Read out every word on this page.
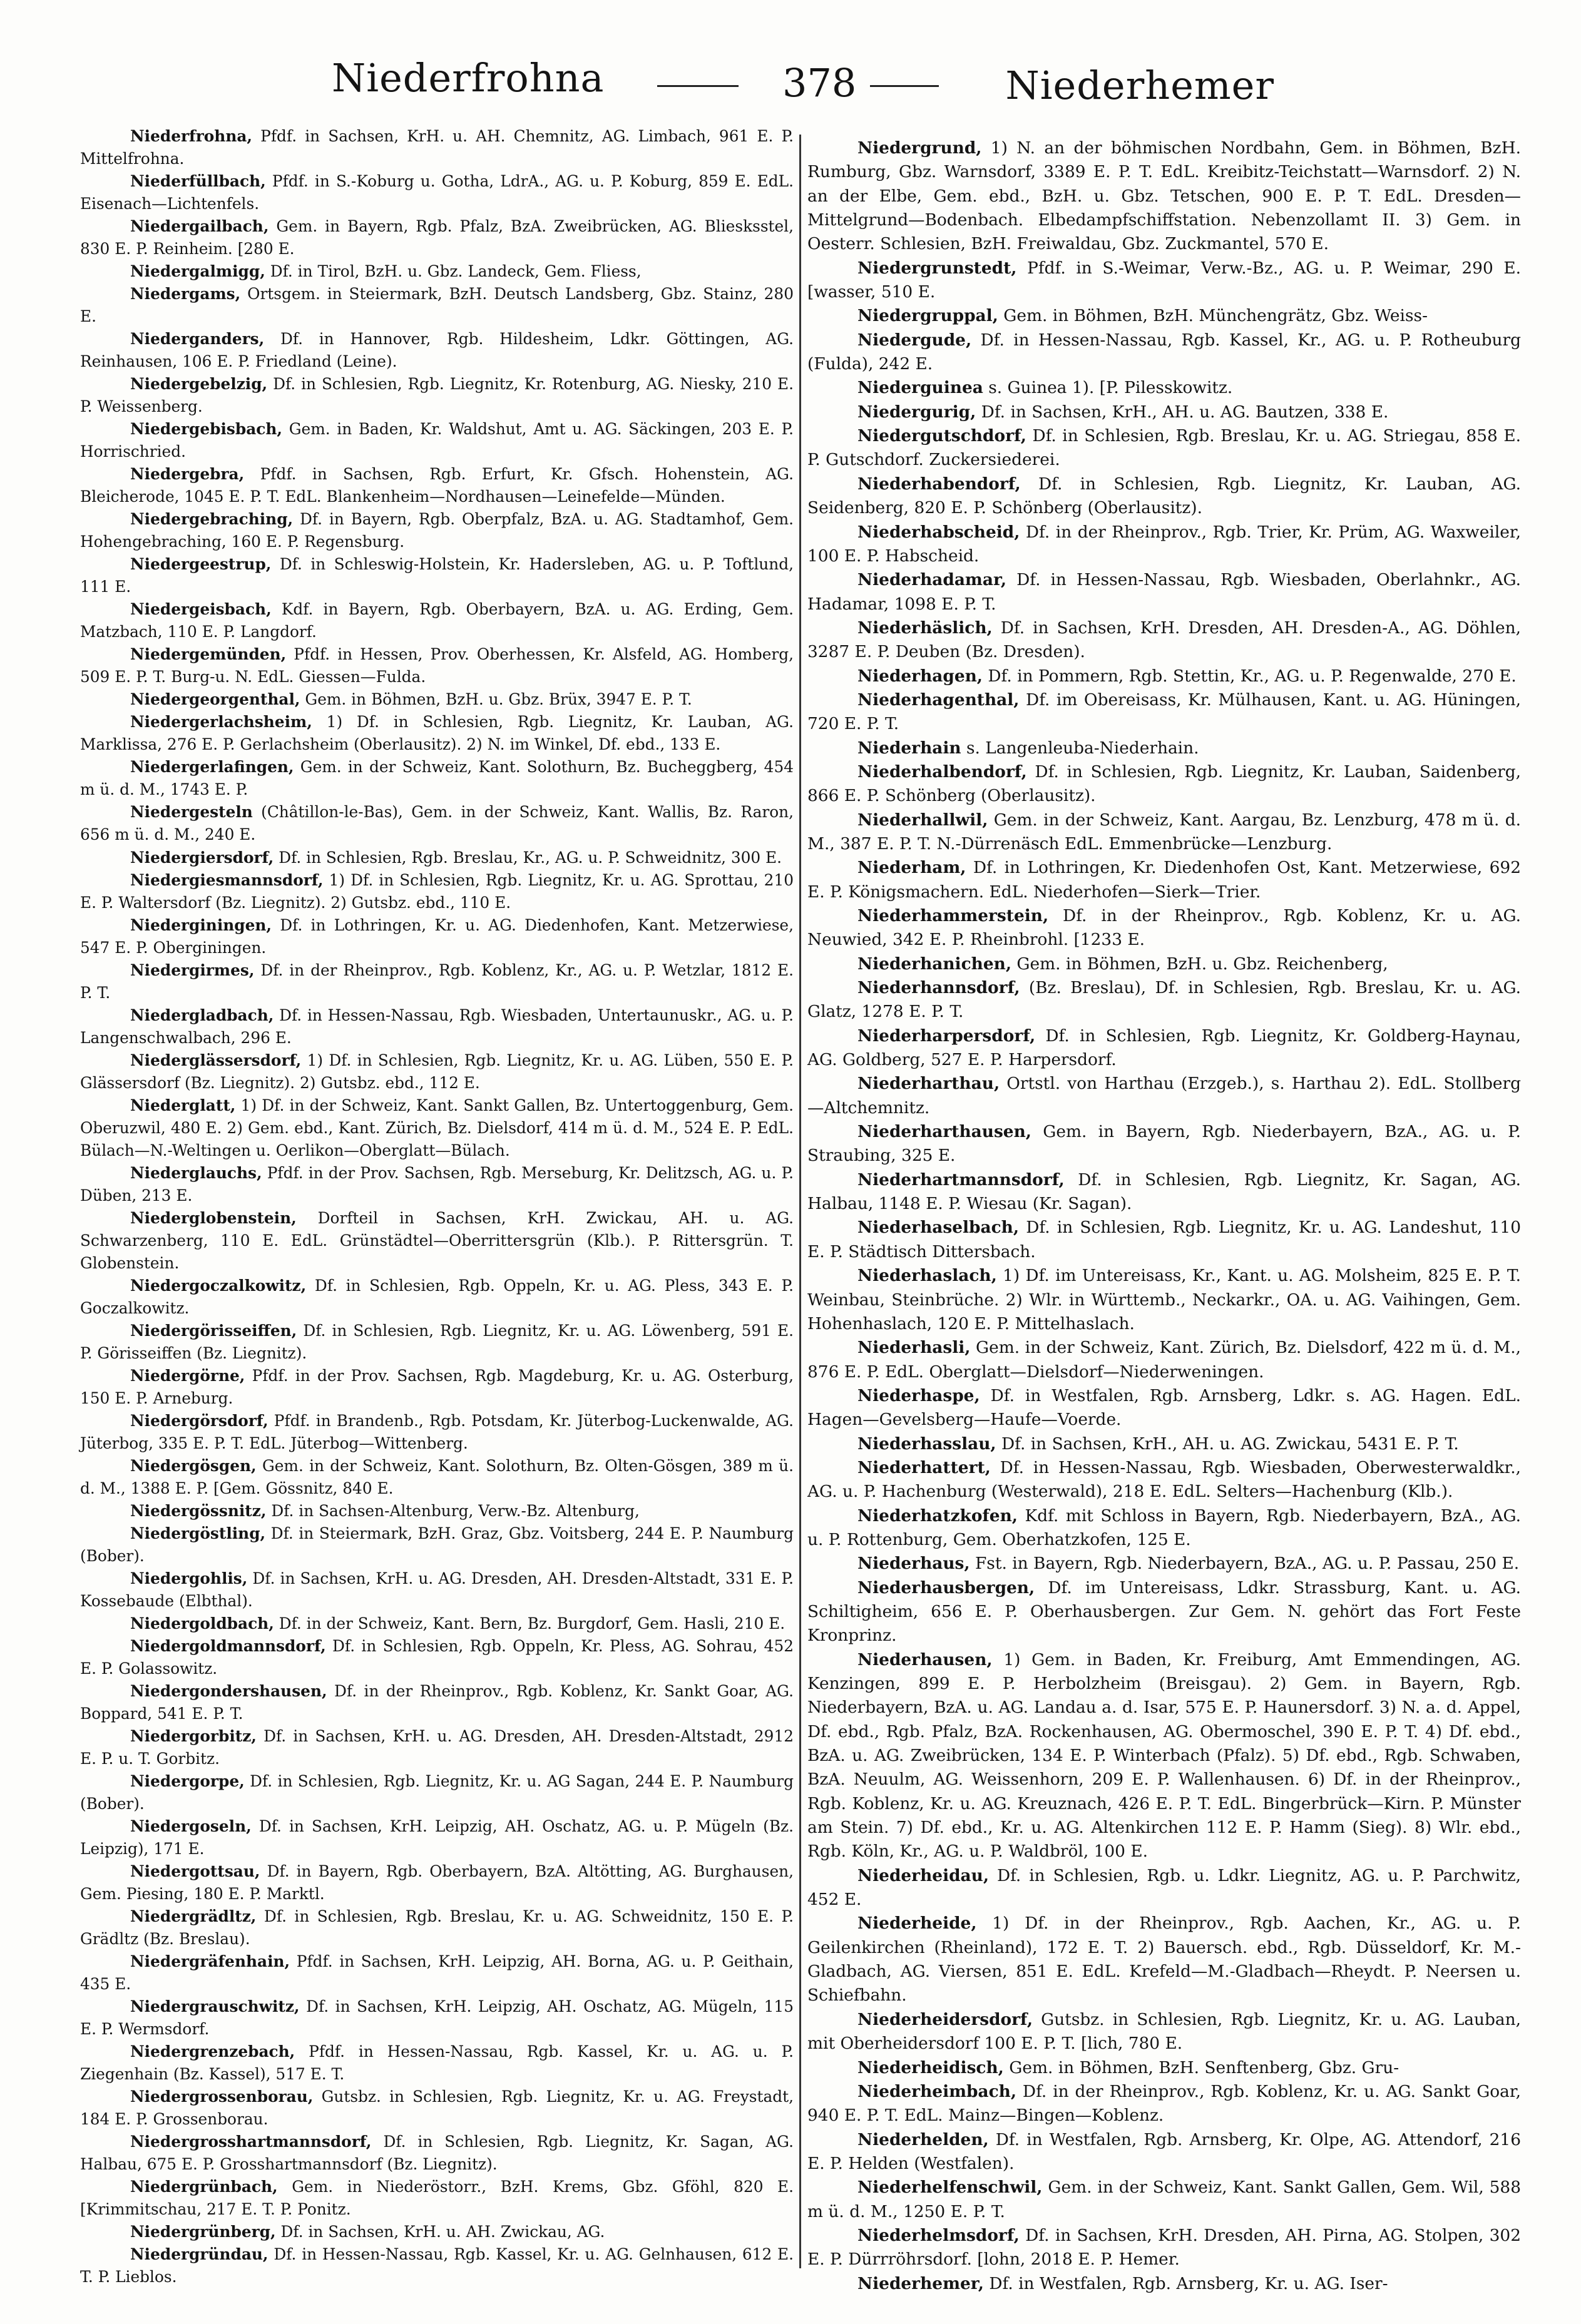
Niederfrohna	378	Niederhemer

Niederfrohna, Pfdf. in Sachsen, KrH. u. AH. Chemnitz, AG. Limbach, 961 E. P. Mittelfrohna.

Niederfüllbach, Pfdf. in S.-Koburg u. Gotha, LdrA., AG. u. P. Koburg, 859 E. EdL. Eisenach—Lichtenfels.

Niedergailbach, Gem. in Bayern, Rgb. Pfalz, BzA. Zweibrücken, AG. Bliesksstel, 830 E. P. Reinheim. [280 E.

Niedergalmigg, Df. in Tirol, BzH. u. Gbz. Landeck, Gem. Fliess,

Niedergams, Ortsgem. in Steiermark, BzH. Deutsch Landsberg, Gbz. Stainz, 280 E.

Niederganders, Df. in Hannover, Rgb. Hildesheim, Ldkr. Göttingen, AG. Reinhausen, 106 E. P. Friedland (Leine).

Niedergebelzig, Df. in Schlesien, Rgb. Liegnitz, Kr. Rotenburg, AG. Niesky, 210 E. P. Weissenberg.

Niedergebisbach, Gem. in Baden, Kr. Waldshut, Amt u. AG. Säckingen, 203 E. P. Horrischried.

Niedergebra, Pfdf. in Sachsen, Rgb. Erfurt, Kr. Gfsch. Hohenstein, AG. Bleicherode, 1045 E. P. T. EdL. Blankenheim—Nordhausen—Leinefelde—Münden.

Niedergebraching, Df. in Bayern, Rgb. Oberpfalz, BzA. u. AG. Stadtamhof, Gem. Hohengebraching, 160 E. P. Regensburg.

Niedergeestrup, Df. in Schleswig-Holstein, Kr. Hadersleben, AG. u. P. Toftlund, 111 E.

Niedergeisbach, Kdf. in Bayern, Rgb. Oberbayern, BzA. u. AG. Erding, Gem. Matzbach, 110 E. P. Langdorf.

Niedergemünden, Pfdf. in Hessen, Prov. Oberhessen, Kr. Alsfeld, AG. Homberg, 509 E. P. T. Burg-u. N. EdL. Giessen—Fulda.

Niedergeorgenthal, Gem. in Böhmen, BzH. u. Gbz. Brüx, 3947 E. P. T.

Niedergerlachsheim, 1) Df. in Schlesien, Rgb. Liegnitz, Kr. Lauban, AG. Marklissa, 276 E. P. Gerlachsheim (Oberlausitz). 2) N. im Winkel, Df. ebd., 133 E.

Niedergerlafingen, Gem. in der Schweiz, Kant. Solothurn, Bz. Bucheggberg, 454 m ü. d. M., 1743 E. P.

Niedergesteln (Châtillon-le-Bas), Gem. in der Schweiz, Kant. Wallis, Bz. Raron, 656 m ü. d. M., 240 E.

Niedergiersdorf, Df. in Schlesien, Rgb. Breslau, Kr., AG. u. P. Schweidnitz, 300 E.

Niedergiesmannsdorf, 1) Df. in Schlesien, Rgb. Liegnitz, Kr. u. AG. Sprottau, 210 E. P. Waltersdorf (Bz. Liegnitz). 2) Gutsbz. ebd., 110 E.

Niederginingen, Df. in Lothringen, Kr. u. AG. Diedenhofen, Kant. Metzerwiese, 547 E. P. Oberginingen.

Niedergirmes, Df. in der Rheinprov., Rgb. Koblenz, Kr., AG. u. P. Wetzlar, 1812 E. P. T.

Niedergladbach, Df. in Hessen-Nassau, Rgb. Wiesbaden, Untertaunuskr., AG. u. P. Langenschwalbach, 296 E.

Niederglässersdorf, 1) Df. in Schlesien, Rgb. Liegnitz, Kr. u. AG. Lüben, 550 E. P. Glässersdorf (Bz. Liegnitz). 2) Gutsbz. ebd., 112 E.

Niederglatt, 1) Df. in der Schweiz, Kant. Sankt Gallen, Bz. Untertoggenburg, Gem. Oberuzwil, 480 E. 2) Gem. ebd., Kant. Zürich, Bz. Dielsdorf, 414 m ü. d. M., 524 E. P. EdL. Bülach—N.-Weltingen u. Oerlikon—Oberglatt—Bülach.

Niederglauchs, Pfdf. in der Prov. Sachsen, Rgb. Merseburg, Kr. Delitzsch, AG. u. P. Düben, 213 E.

Niederglobenstein, Dorfteil in Sachsen, KrH. Zwickau, AH. u. AG. Schwarzenberg, 110 E. EdL. Grünstädtel—Oberrittersgrün (Klb.). P. Rittersgrün. T. Globenstein.

Niedergoczalkowitz, Df. in Schlesien, Rgb. Oppeln, Kr. u. AG. Pless, 343 E. P. Goczalkowitz.

Niedergörisseiffen, Df. in Schlesien, Rgb. Liegnitz, Kr. u. AG. Löwenberg, 591 E. P. Görisseiffen (Bz. Liegnitz).

Niedergörne, Pfdf. in der Prov. Sachsen, Rgb. Magdeburg, Kr. u. AG. Osterburg, 150 E. P. Arneburg.

Niedergörsdorf, Pfdf. in Brandenb., Rgb. Potsdam, Kr. Jüterbog-Luckenwalde, AG. Jüterbog, 335 E. P. T. EdL. Jüterbog—Wittenberg.

Niedergösgen, Gem. in der Schweiz, Kant. Solothurn, Bz. Olten-Gösgen, 389 m ü. d. M., 1388 E. P. [Gem. Gössnitz, 840 E.

Niedergössnitz, Df. in Sachsen-Altenburg, Verw.-Bz. Altenburg,

Niedergöstling, Df. in Steiermark, BzH. Graz, Gbz. Voitsberg, 244 E. P. Naumburg (Bober).

Niedergohlis, Df. in Sachsen, KrH. u. AG. Dresden, AH. Dresden-Altstadt, 331 E. P. Kossebaude (Elbthal).

Niedergoldbach, Df. in der Schweiz, Kant. Bern, Bz. Burgdorf, Gem. Hasli, 210 E.

Niedergoldmannsdorf, Df. in Schlesien, Rgb. Oppeln, Kr. Pless, AG. Sohrau, 452 E. P. Golassowitz.

Niedergondershausen, Df. in der Rheinprov., Rgb. Koblenz, Kr. Sankt Goar, AG. Boppard, 541 E. P. T.

Niedergorbitz, Df. in Sachsen, KrH. u. AG. Dresden, AH. Dresden-Altstadt, 2912 E. P. u. T. Gorbitz.

Niedergorpe, Df. in Schlesien, Rgb. Liegnitz, Kr. u. AG Sagan, 244 E. P. Naumburg (Bober).

Niedergoseln, Df. in Sachsen, KrH. Leipzig, AH. Oschatz, AG. u. P. Mügeln (Bz. Leipzig), 171 E.

Niedergottsau, Df. in Bayern, Rgb. Oberbayern, BzA. Altötting, AG. Burghausen, Gem. Piesing, 180 E. P. Marktl.

Niedergrädltz, Df. in Schlesien, Rgb. Breslau, Kr. u. AG. Schweidnitz, 150 E. P. Grädltz (Bz. Breslau).

Niedergräfenhain, Pfdf. in Sachsen, KrH. Leipzig, AH. Borna, AG. u. P. Geithain, 435 E.

Niedergrauschwitz, Df. in Sachsen, KrH. Leipzig, AH. Oschatz, AG. Mügeln, 115 E. P. Wermsdorf.

Niedergrenzebach, Pfdf. in Hessen-Nassau, Rgb. Kassel, Kr. u. AG. u. P. Ziegenhain (Bz. Kassel), 517 E. T.

Niedergrossenborau, Gutsbz. in Schlesien, Rgb. Liegnitz, Kr. u. AG. Freystadt, 184 E. P. Grossenborau.

Niedergrosshartmannsdorf, Df. in Schlesien, Rgb. Liegnitz, Kr. Sagan, AG. Halbau, 675 E. P. Grosshartmannsdorf (Bz. Liegnitz).

Niedergrünbach, Gem. in Niederöstorr., BzH. Krems, Gbz. Gföhl, 820 E. [Krimmitschau, 217 E. T. P. Ponitz.

Niedergrünberg, Df. in Sachsen, KrH. u. AH. Zwickau, AG.

Niedergründau, Df. in Hessen-Nassau, Rgb. Kassel, Kr. u. AG. Gelnhausen, 612 E. T. P. Lieblos.

Niedergrund, 1) N. an der böhmischen Nordbahn, Gem. in Böhmen, BzH. Rumburg, Gbz. Warnsdorf, 3389 E. P. T. EdL. Kreibitz-Teichstatt—Warnsdorf. 2) N. an der Elbe, Gem. ebd., BzH. u. Gbz. Tetschen, 900 E. P. T. EdL. Dresden—Mittelgrund—Bodenbach. Elbedampfschiffstation. Nebenzollamt II. 3) Gem. in Oesterr. Schlesien, BzH. Freiwaldau, Gbz. Zuckmantel, 570 E.

Niedergrunstedt, Pfdf. in S.-Weimar, Verw.-Bz., AG. u. P. Weimar, 290 E. [wasser, 510 E.

Niedergruppal, Gem. in Böhmen, BzH. Münchengrätz, Gbz. Weiss-

Niedergude, Df. in Hessen-Nassau, Rgb. Kassel, Kr., AG. u. P. Rotheuburg (Fulda), 242 E.

Niederguinea s. Guinea 1). [P. Pilesskowitz.

Niedergurig, Df. in Sachsen, KrH., AH. u. AG. Bautzen, 338 E.

Niedergutschdorf, Df. in Schlesien, Rgb. Breslau, Kr. u. AG. Striegau, 858 E. P. Gutschdorf. Zuckersiederei.

Niederhabendorf, Df. in Schlesien, Rgb. Liegnitz, Kr. Lauban, AG. Seidenberg, 820 E. P. Schönberg (Oberlausitz).

Niederhabscheid, Df. in der Rheinprov., Rgb. Trier, Kr. Prüm, AG. Waxweiler, 100 E. P. Habscheid.

Niederhadamar, Df. in Hessen-Nassau, Rgb. Wiesbaden, Oberlahnkr., AG. Hadamar, 1098 E. P. T.

Niederhäslich, Df. in Sachsen, KrH. Dresden, AH. Dresden-A., AG. Döhlen, 3287 E. P. Deuben (Bz. Dresden).

Niederhagen, Df. in Pommern, Rgb. Stettin, Kr., AG. u. P. Regenwalde, 270 E.

Niederhagenthal, Df. im Obereisass, Kr. Mülhausen, Kant. u. AG. Hüningen, 720 E. P. T.

Niederhain s. Langenleuba-Niederhain.

Niederhalbendorf, Df. in Schlesien, Rgb. Liegnitz, Kr. Lauban, Saidenberg, 866 E. P. Schönberg (Oberlausitz).

Niederhallwil, Gem. in der Schweiz, Kant. Aargau, Bz. Lenzburg, 478 m ü. d. M., 387 E. P. T. N.-Dürrenäsch EdL. Emmenbrücke—Lenzburg.

Niederham, Df. in Lothringen, Kr. Diedenhofen Ost, Kant. Metzerwiese, 692 E. P. Königsmachern. EdL. Niederhofen—Sierk—Trier.

Niederhammerstein, Df. in der Rheinprov., Rgb. Koblenz, Kr. u. AG. Neuwied, 342 E. P. Rheinbrohl. [1233 E.

Niederhanichen, Gem. in Böhmen, BzH. u. Gbz. Reichenberg,

Niederhannsdorf, (Bz. Breslau), Df. in Schlesien, Rgb. Breslau, Kr. u. AG. Glatz, 1278 E. P. T.

Niederharpersdorf, Df. in Schlesien, Rgb. Liegnitz, Kr. Goldberg-Haynau, AG. Goldberg, 527 E. P. Harpersdorf.

Niederharthau, Ortstl. von Harthau (Erzgeb.), s. Harthau 2). EdL. Stollberg—Altchemnitz.

Niederharthausen, Gem. in Bayern, Rgb. Niederbayern, BzA., AG. u. P. Straubing, 325 E.

Niederhartmannsdorf, Df. in Schlesien, Rgb. Liegnitz, Kr. Sagan, AG. Halbau, 1148 E. P. Wiesau (Kr. Sagan).

Niederhaselbach, Df. in Schlesien, Rgb. Liegnitz, Kr. u. AG. Landeshut, 110 E. P. Städtisch Dittersbach.

Niederhaslach, 1) Df. im Untereisass, Kr., Kant. u. AG. Molsheim, 825 E. P. T. Weinbau, Steinbrüche. 2) Wlr. in Württemb., Neckarkr., OA. u. AG. Vaihingen, Gem. Hohenhaslach, 120 E. P. Mittelhaslach.

Niederhasli, Gem. in der Schweiz, Kant. Zürich, Bz. Dielsdorf, 422 m ü. d. M., 876 E. P. EdL. Oberglatt—Dielsdorf—Niederweningen.

Niederhaspe, Df. in Westfalen, Rgb. Arnsberg, Ldkr. s. AG. Hagen. EdL. Hagen—Gevelsberg—Haufe—Voerde.

Niederhasslau, Df. in Sachsen, KrH., AH. u. AG. Zwickau, 5431 E. P. T.

Niederhattert, Df. in Hessen-Nassau, Rgb. Wiesbaden, Oberwesterwaldkr., AG. u. P. Hachenburg (Westerwald), 218 E. EdL. Selters—Hachenburg (Klb.).

Niederhatzkofen, Kdf. mit Schloss in Bayern, Rgb. Niederbayern, BzA., AG. u. P. Rottenburg, Gem. Oberhatzkofen, 125 E.

Niederhaus, Fst. in Bayern, Rgb. Niederbayern, BzA., AG. u. P. Passau, 250 E.

Niederhausbergen, Df. im Untereisass, Ldkr. Strassburg, Kant. u. AG. Schiltigheim, 656 E. P. Oberhausbergen. Zur Gem. N. gehört das Fort Feste Kronprinz.

Niederhausen, 1) Gem. in Baden, Kr. Freiburg, Amt Emmendingen, AG. Kenzingen, 899 E. P. Herbolzheim (Breisgau). 2) Gem. in Bayern, Rgb. Niederbayern, BzA. u. AG. Landau a. d. Isar, 575 E. P. Haunersdorf. 3) N. a. d. Appel, Df. ebd., Rgb. Pfalz, BzA. Rockenhausen, AG. Obermoschel, 390 E. P. T. 4) Df. ebd., BzA. u. AG. Zweibrücken, 134 E. P. Winterbach (Pfalz). 5) Df. ebd., Rgb. Schwaben, BzA. Neuulm, AG. Weissenhorn, 209 E. P. Wallenhausen. 6) Df. in der Rheinprov., Rgb. Koblenz, Kr. u. AG. Kreuznach, 426 E. P. T. EdL. Bingerbrück—Kirn. P. Münster am Stein. 7) Df. ebd., Kr. u. AG. Altenkirchen 112 E. P. Hamm (Sieg). 8) Wlr. ebd., Rgb. Köln, Kr., AG. u. P. Waldbröl, 100 E.

Niederheidau, Df. in Schlesien, Rgb. u. Ldkr. Liegnitz, AG. u. P. Parchwitz, 452 E.

Niederheide, 1) Df. in der Rheinprov., Rgb. Aachen, Kr., AG. u. P. Geilenkirchen (Rheinland), 172 E. T. 2) Bauersch. ebd., Rgb. Düsseldorf, Kr. M.-Gladbach, AG. Viersen, 851 E. EdL. Krefeld—M.-Gladbach—Rheydt. P. Neersen u. Schiefbahn.

Niederheidersdorf, Gutsbz. in Schlesien, Rgb. Liegnitz, Kr. u. AG. Lauban, mit Oberheidersdorf 100 E. P. T. [lich, 780 E.

Niederheidisch, Gem. in Böhmen, BzH. Senftenberg, Gbz. Gru-

Niederheimbach, Df. in der Rheinprov., Rgb. Koblenz, Kr. u. AG. Sankt Goar, 940 E. P. T. EdL. Mainz—Bingen—Koblenz.

Niederhelden, Df. in Westfalen, Rgb. Arnsberg, Kr. Olpe, AG. Attendorf, 216 E. P. Helden (Westfalen).

Niederhelfenschwil, Gem. in der Schweiz, Kant. Sankt Gallen, Gem. Wil, 588 m ü. d. M., 1250 E. P. T.

Niederhelmsdorf, Df. in Sachsen, KrH. Dresden, AH. Pirna, AG. Stolpen, 302 E. P. Dürrröhrsdorf. [lohn, 2018 E. P. Hemer.

Niederhemer, Df. in Westfalen, Rgb. Arnsberg, Kr. u. AG. Iser-
